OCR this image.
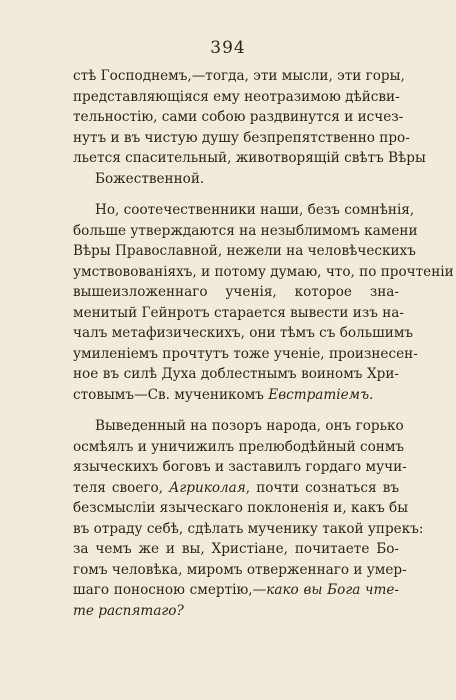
394
стѣ Господнемъ,—тогда, эти мысли, эти горы,
представляющіяся ему неотразимою дѣйсви-
тельностію, сами собою раздвинутся и исчез-
нутъ и въ чистую душу безпрепятственно про-
льется спасительный, животворящій свѣтъ Вѣры
Божественной.
Но, соотечественники наши, безъ сомнѣнія,
больше утверждаются на незыблимомъ камени
Вѣры Православной, нежели на человѣческихъ
умствовованіяхъ, и потому думаю, что, по прочтеніи
вышеизложеннаго ученія, которое зна-
менитый Гейнротъ старается вывести изъ на-
чалъ метафизическихъ, они тѣмъ съ большимъ
умиленіемъ прочтутъ тоже ученіе, произнесен-
ное въ силѣ Духа доблестнымъ воиномъ Хри-
стовымъ—Св. мученикомъ Евстратіемъ.
Выведенный на позоръ народа, онъ горько
осмѣялъ и уничижилъ прелюбодѣйный сонмъ
языческихъ боговъ и заставилъ гордаго мучи-
теля своего, Агриколая, почти сознаться въ
безсмысліи языческаго поклоненія и, какъ бы
въ отраду себѣ, сдѣлать мученику такой упрекъ:
за чемъ же и вы, Христіане, почитаете Бо-
гомъ человѣка, миромъ отверженнаго и умер-
шаго поносною смертію,—како вы Бога чте-
те распятаго?
